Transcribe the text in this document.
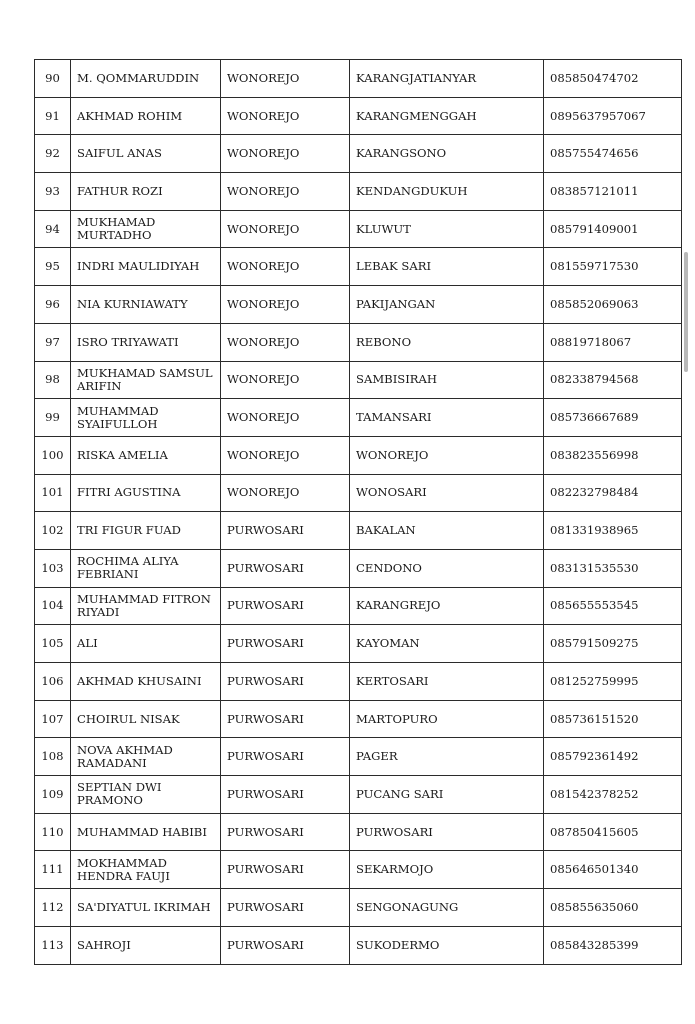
90	M. QOMMARUDDIN	WONOREJO	KARANGJATIANYAR	085850474702
91	AKHMAD ROHIM	WONOREJO	KARANGMENGGAH	0895637957067
92	SAIFUL ANAS	WONOREJO	KARANGSONO	085755474656
93	FATHUR ROZI	WONOREJO	KENDANGDUKUH	083857121011
94	MUKHAMAD MURTADHO	WONOREJO	KLUWUT	085791409001
95	INDRI MAULIDIYAH	WONOREJO	LEBAK SARI	081559717530
96	NIA KURNIAWATY	WONOREJO	PAKIJANGAN	085852069063
97	ISRO TRIYAWATI	WONOREJO	REBONO	08819718067
98	MUKHAMAD SAMSUL ARIFIN	WONOREJO	SAMBISIRAH	082338794568
99	MUHAMMAD SYAIFULLOH	WONOREJO	TAMANSARI	085736667689
100	RISKA AMELIA	WONOREJO	WONOREJO	083823556998
101	FITRI AGUSTINA	WONOREJO	WONOSARI	082232798484
102	TRI FIGUR FUAD	PURWOSARI	BAKALAN	081331938965
103	ROCHIMA ALIYA FEBRIANI	PURWOSARI	CENDONO	083131535530
104	MUHAMMAD FITRON RIYADI	PURWOSARI	KARANGREJO	085655553545
105	ALI	PURWOSARI	KAYOMAN	085791509275
106	AKHMAD KHUSAINI	PURWOSARI	KERTOSARI	081252759995
107	CHOIRUL NISAK	PURWOSARI	MARTOPURO	085736151520
108	NOVA AKHMAD RAMADANI	PURWOSARI	PAGER	085792361492
109	SEPTIAN DWI PRAMONO	PURWOSARI	PUCANG SARI	081542378252
110	MUHAMMAD HABIBI	PURWOSARI	PURWOSARI	087850415605
111	MOKHAMMAD HENDRA FAUJI	PURWOSARI	SEKARMOJO	085646501340
112	SA'DIYATUL IKRIMAH	PURWOSARI	SENGONAGUNG	085855635060
113	SAHROJI	PURWOSARI	SUKODERMO	085843285399
